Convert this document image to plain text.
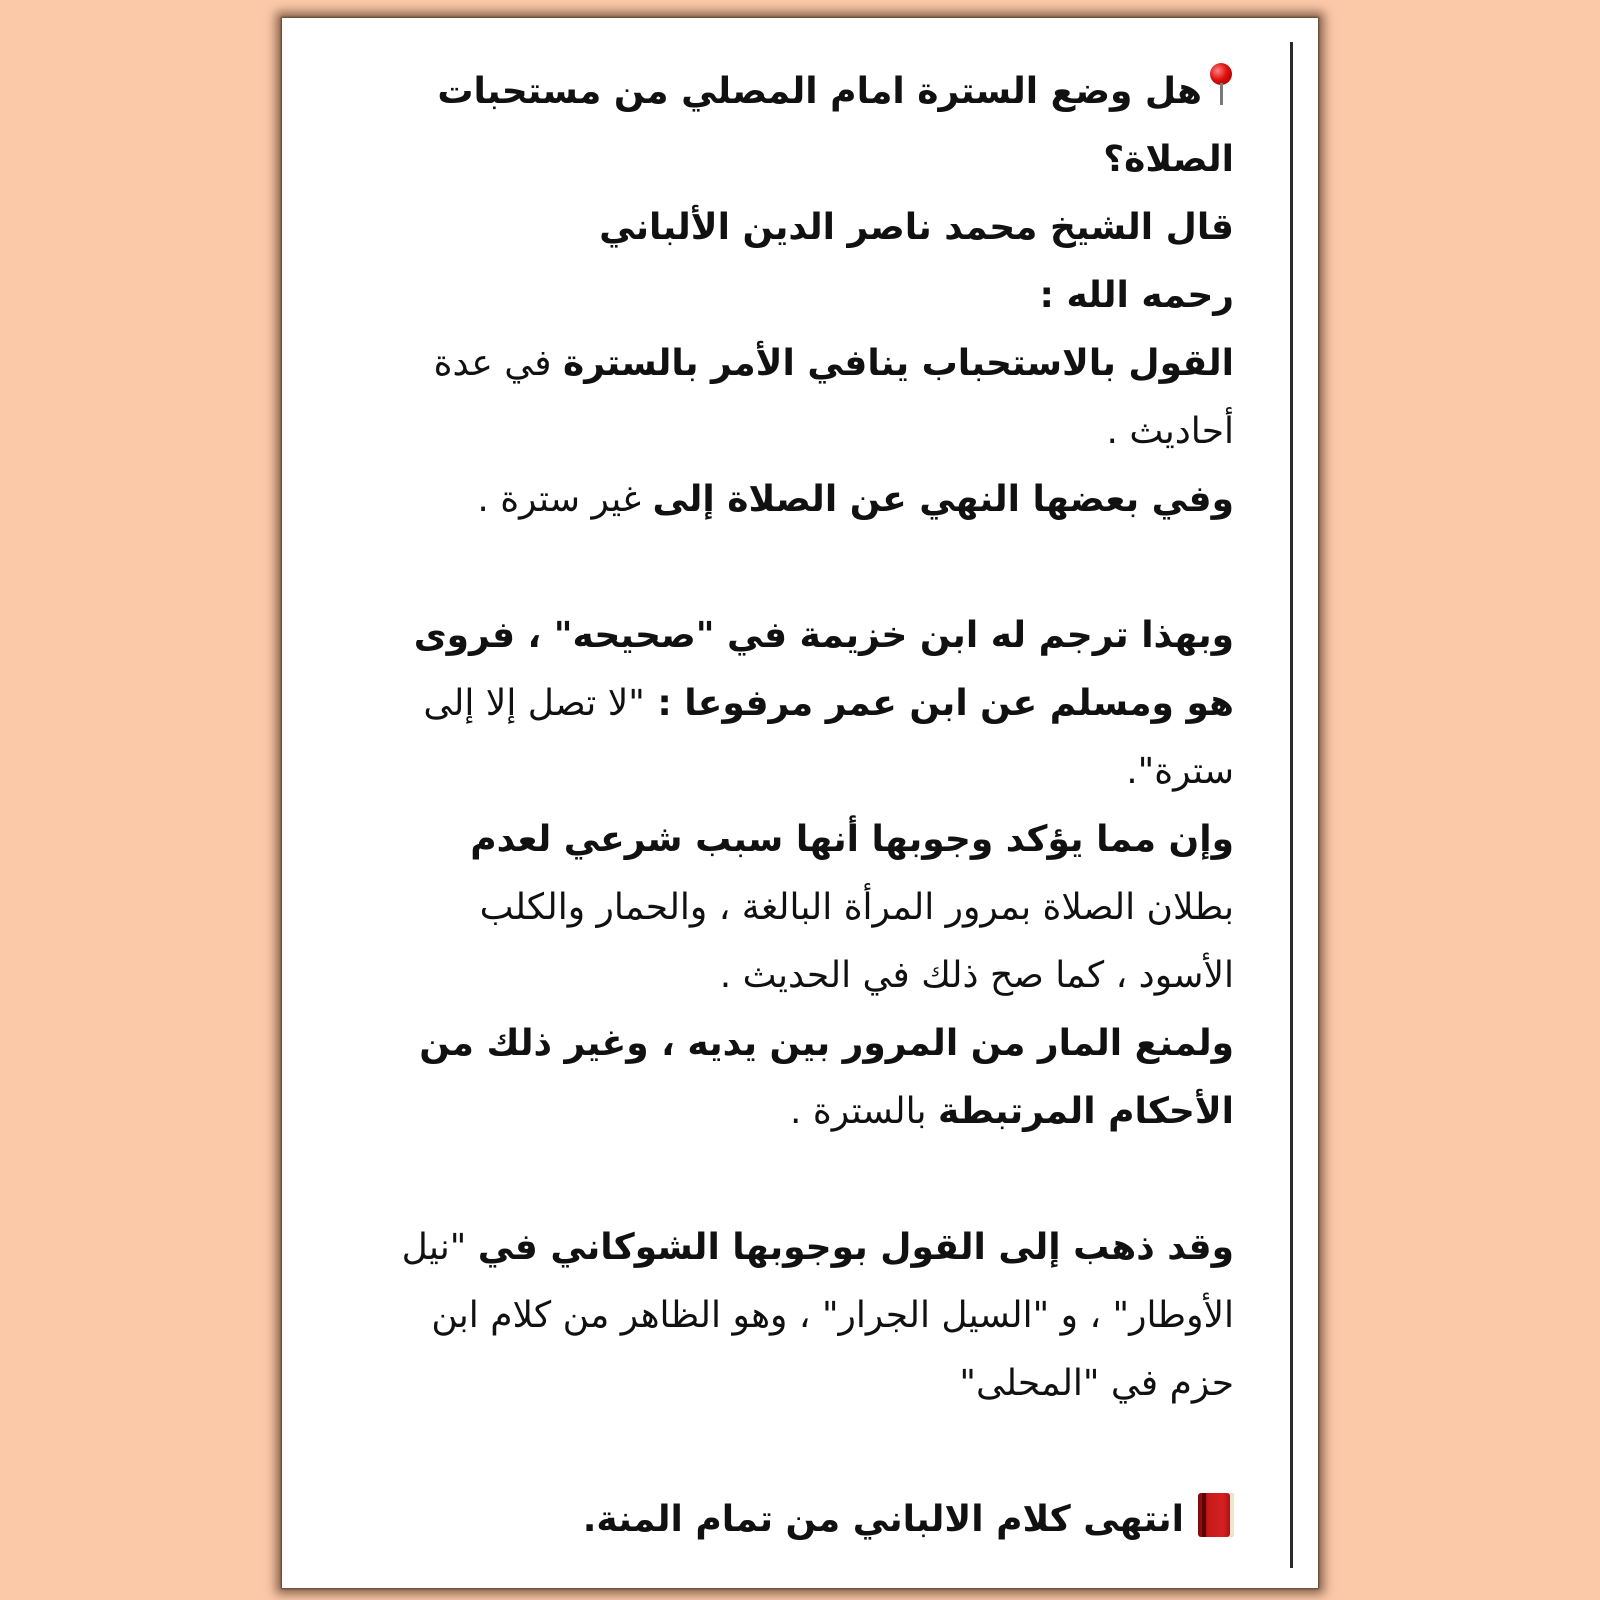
هل وضع السترة امام المصلي من مستحبات الصلاة؟

قال الشيخ محمد ناصر الدين الألباني

رحمه الله :

القول بالاستحباب ينافي الأمر بالسترة في عدة أحاديث .

وفي بعضها النهي عن الصلاة إلى غير سترة .

وبهذا ترجم له ابن خزيمة في "صحيحه" ، فروى هو ومسلم عن ابن عمر مرفوعا : "لا تصل إلا إلى سترة".

وإن مما يؤكد وجوبها أنها سبب شرعي لعدم بطلان الصلاة بمرور المرأة البالغة ، والحمار والكلب الأسود ، كما صح ذلك في الحديث .

ولمنع المار من المرور بين يديه ، وغير ذلك من الأحكام المرتبطة بالسترة .

وقد ذهب إلى القول بوجوبها الشوكاني في "نيل الأوطار" ، و "السيل الجرار" ، وهو الظاهر من كلام ابن حزم في "المحلى"

انتهى كلام الالباني من تمام المنة.
